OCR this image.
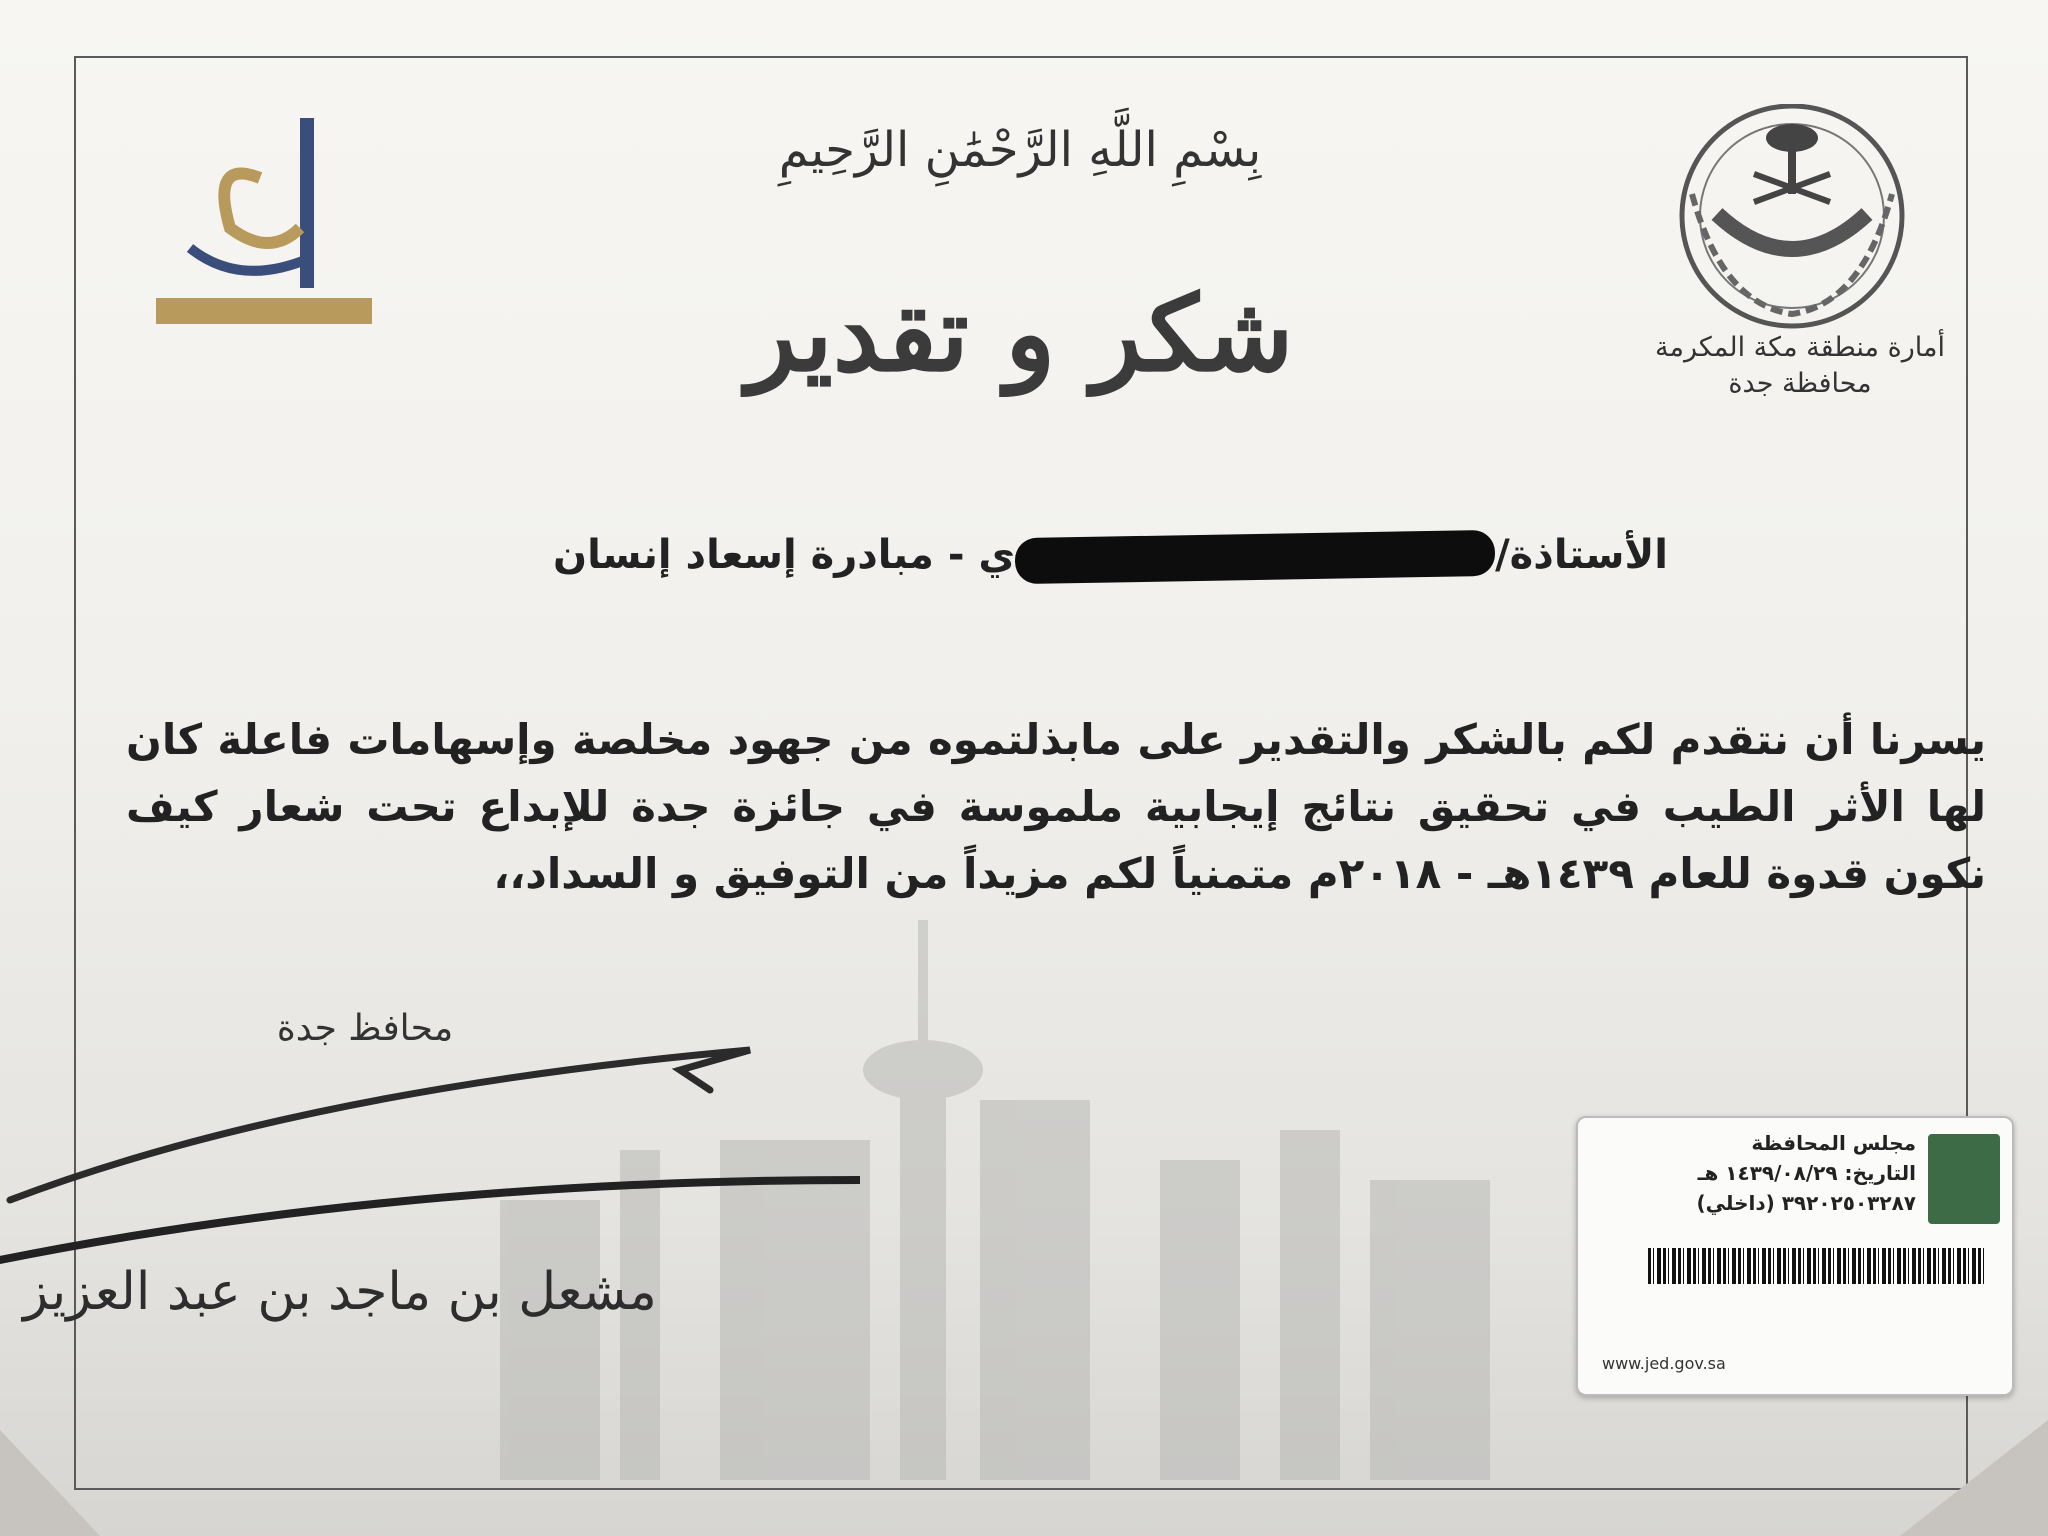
بِسْمِ اللَّهِ الرَّحْمَٰنِ الرَّحِيمِ
شكر و تقدير	أمارة منطقة مكة المكرمة
محافظة جدة
الأستاذة/ي - مبادرة إسعاد إنسان
يسرنا أن نتقدم لكم بالشكر والتقدير على مابذلتموه من جهود مخلصة وإسهامات فاعلة كان لها الأثر الطيب في تحقيق نتائج إيجابية ملموسة في جائزة جدة للإبداع تحت شعار كيف نكون قدوة للعام ١٤٣٩هـ - ٢٠١٨م متمنياً لكم مزيداً من التوفيق و السداد،،
محافظ جدة
مشعل بن ماجد بن عبد العزيز
مجلس المحافظة
التاريخ: ١٤٣٩/٠٨/٢٩ هـ
٣٩٢٠٢٥٠٣٢٨٧ (داخلي)
www.jed.gov.sa
